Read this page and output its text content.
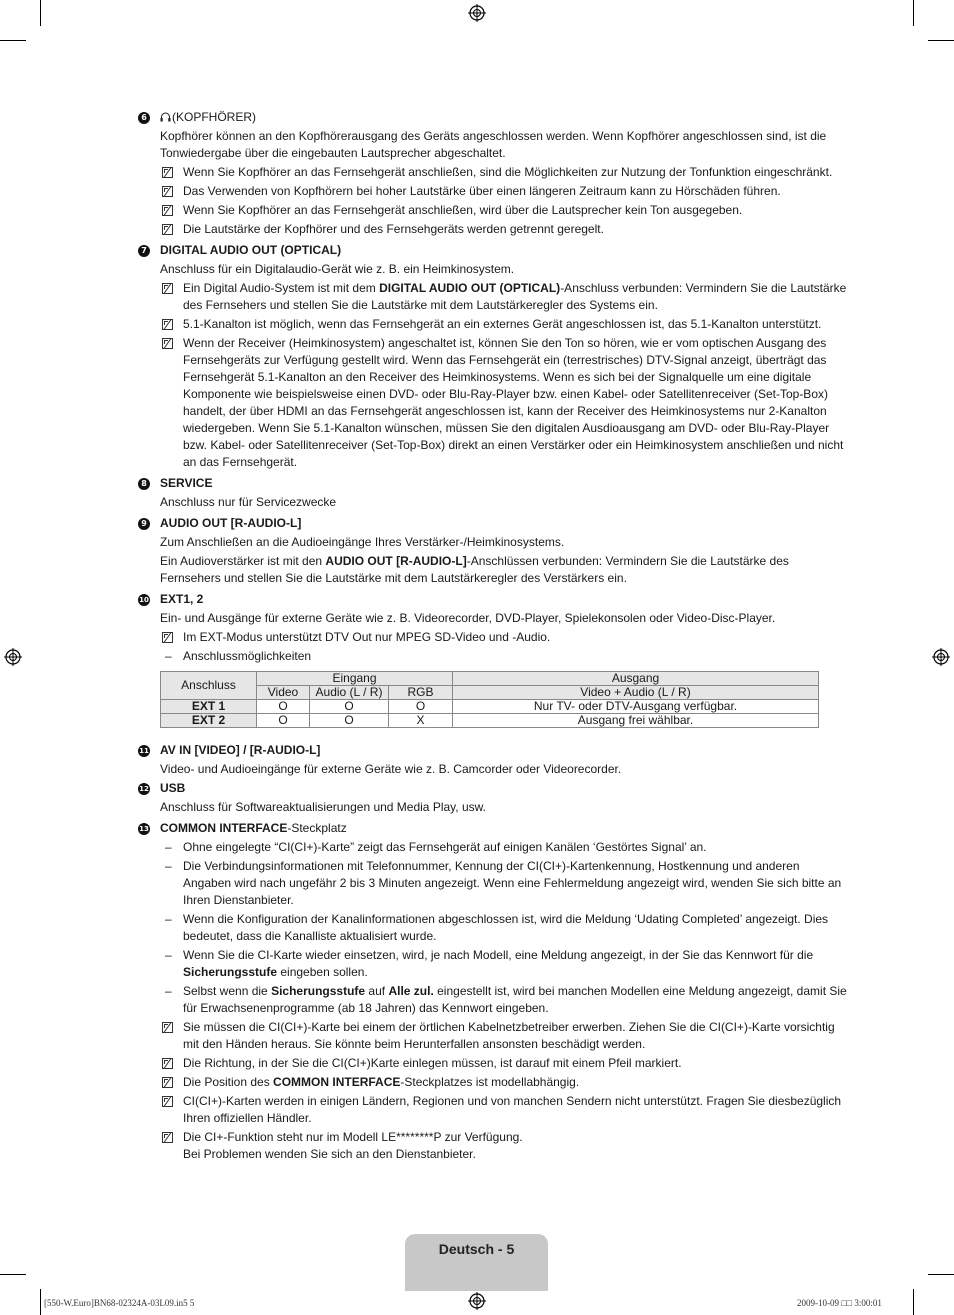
6	(KOPFHÖRER)
Kopfhörer können an den Kopfhörerausgang des Geräts angeschlossen werden. Wenn Kopfhörer angeschlossen sind, ist die Tonwiedergabe über die eingebauten Lautsprecher abgeschaltet.
Wenn Sie Kopfhörer an das Fernsehgerät anschließen, sind die Möglichkeiten zur Nutzung der Tonfunktion eingeschränkt.
Das Verwenden von Kopfhörern bei hoher Lautstärke über einen längeren Zeitraum kann zu Hörschäden führen.
Wenn Sie Kopfhörer an das Fernsehgerät anschließen, wird über die Lautsprecher kein Ton ausgegeben.
Die Lautstärke der Kopfhörer und des Fernsehgeräts werden getrennt geregelt.
7 DIGITAL AUDIO OUT (OPTICAL)
Anschluss für ein Digitalaudio-Gerät wie z. B. ein Heimkinosystem.
Ein Digital Audio-System ist mit dem DIGITAL AUDIO OUT (OPTICAL)-Anschluss verbunden: Vermindern Sie die Lautstärke des Fernsehers und stellen Sie die Lautstärke mit dem Lautstärkeregler des Systems ein.
5.1-Kanalton ist möglich, wenn das Fernsehgerät an ein externes Gerät angeschlossen ist, das 5.1-Kanalton unterstützt.
Wenn der Receiver (Heimkinosystem) angeschaltet ist, können Sie den Ton so hören, wie er vom optischen Ausgang des Fernsehgeräts zur Verfügung gestellt wird. Wenn das Fernsehgerät ein (terrestrisches) DTV-Signal anzeigt, überträgt das Fernsehgerät 5.1-Kanalton an den Receiver des Heimkinosystems. Wenn es sich bei der Signalquelle um eine digitale Komponente wie beispielsweise einen DVD- oder Blu-Ray-Player bzw. einen Kabel- oder Satellitenreceiver (Set-Top-Box) handelt, der über HDMI an das Fernsehgerät angeschlossen ist, kann der Receiver des Heimkinosystems nur 2-Kanalton wiedergeben. Wenn Sie 5.1-Kanalton wünschen, müssen Sie den digitalen Ausdioausgang am DVD- oder Blu-Ray-Player bzw. Kabel- oder Satellitenreceiver (Set-Top-Box) direkt an einen Verstärker oder ein Heimkinosystem anschließen und nicht an das Fernsehgerät.
8 SERVICE
Anschluss nur für Servicezwecke
9 AUDIO OUT [R-AUDIO-L]
Zum Anschließen an die Audioeingänge Ihres Verstärker-/Heimkinosystems.
Ein Audioverstärker ist mit den AUDIO OUT [R-AUDIO-L]-Anschlüssen verbunden: Vermindern Sie die Lautstärke des Fernsehers und stellen Sie die Lautstärke mit dem Lautstärkeregler des Verstärkers ein.
10 EXT1, 2
Ein- und Ausgänge für externe Geräte wie z. B. Videorecorder, DVD-Player, Spielekonsolen oder Video-Disc-Player.
Im EXT-Modus unterstützt DTV Out nur MPEG SD-Video und -Audio.
– Anschlussmöglichkeiten
Anschluss	Eingang			Ausgang
	Video	Audio (L / R)	RGB	Video + Audio (L / R)
EXT 1	O	O	O	Nur TV- oder DTV-Ausgang verfügbar.
EXT 2	O	O	X	Ausgang frei wählbar.
11 AV IN [VIDEO] / [R-AUDIO-L]
Video- und Audioeingänge für externe Geräte wie z. B. Camcorder oder Videorecorder.
12 USB
Anschluss für Softwareaktualisierungen und Media Play, usw.
13 COMMON INTERFACE-Steckplatz
– Ohne eingelegte “CI(CI+)-Karte” zeigt das Fernsehgerät auf einigen Kanälen ‘Gestörtes Signal’ an.
– Die Verbindungsinformationen mit Telefonnummer, Kennung der CI(CI+)-Kartenkennung, Hostkennung und anderen Angaben wird nach ungefähr 2 bis 3 Minuten angezeigt. Wenn eine Fehlermeldung angezeigt wird, wenden Sie sich bitte an Ihren Dienstanbieter.
– Wenn die Konfiguration der Kanalinformationen abgeschlossen ist, wird die Meldung ‘Udating Completed’ angezeigt. Dies bedeutet, dass die Kanalliste aktualisiert wurde.
– Wenn Sie die CI-Karte wieder einsetzen, wird, je nach Modell, eine Meldung angezeigt, in der Sie das Kennwort für die Sicherungsstufe eingeben sollen.
– Selbst wenn die Sicherungsstufe auf Alle zul. eingestellt ist, wird bei manchen Modellen eine Meldung angezeigt, damit Sie für Erwachsenenprogramme (ab 18 Jahren) das Kennwort eingeben.
Sie müssen die CI(CI+)-Karte bei einem der örtlichen Kabelnetzbetreiber erwerben. Ziehen Sie die CI(CI+)-Karte vorsichtig mit den Händen heraus. Sie könnte beim Herunterfallen ansonsten beschädigt werden.
Die Richtung, in der Sie die CI(CI+)Karte einlegen müssen, ist darauf mit einem Pfeil markiert.
Die Position des COMMON INTERFACE-Steckplatzes ist modellabhängig.
CI(CI+)-Karten werden in einigen Ländern, Regionen und von manchen Sendern nicht unterstützt. Fragen Sie diesbezüglich Ihren offiziellen Händler.
Die CI+-Funktion steht nur im Modell LE********P zur Verfügung.
Bei Problemen wenden Sie sich an den Dienstanbieter.
Deutsch - 5
[550-W.Euro]BN68-02324A-03L09.in5 5	2009-10-09 □□ 3:00:01
